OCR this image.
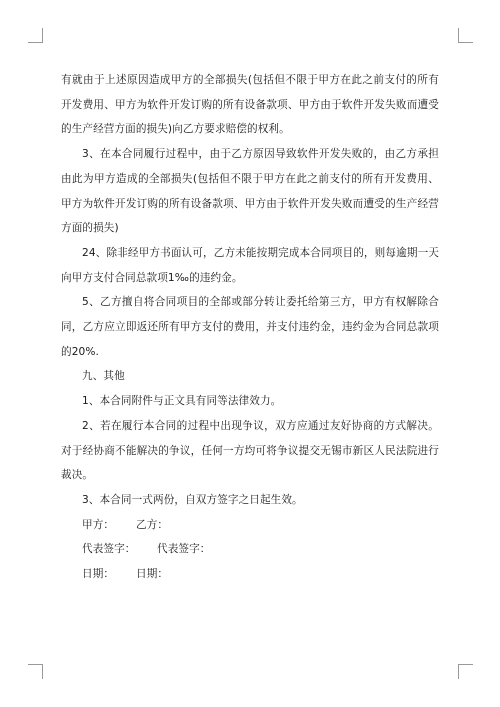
有就由于上述原因造成甲方的全部损失(包括但不限于甲方在此之前支付的所有开发费用、甲方为软件开发订购的所有设备款项、甲方由于软件开发失败而遭受的生产经营方面的损失)向乙方要求赔偿的权利。

3、在本合同履行过程中，由于乙方原因导致软件开发失败的，由乙方承担由此为甲方造成的全部损失(包括但不限于甲方在此之前支付的所有开发费用、甲方为软件开发订购的所有设备款项、甲方由于软件开发失败而遭受的生产经营方面的损失)

24、除非经甲方书面认可，乙方未能按期完成本合同项目的，则每逾期一天向甲方支付合同总款项1‰的违约金。

5、乙方擅自将合同项目的全部或部分转让委托给第三方，甲方有权解除合同，乙方应立即返还所有甲方支付的费用，并支付违约金，违约金为合同总款项的20%.

九、其他

1、本合同附件与正文具有同等法律效力。

2、若在履行本合同的过程中出现争议，双方应通过友好协商的方式解决。对于经协商不能解决的争议，任何一方均可将争议提交无锡市新区人民法院进行裁决。

3、本合同一式两份，自双方签字之日起生效。

甲方：	乙方：
代表签字：	代表签字：
日期：	日期：
